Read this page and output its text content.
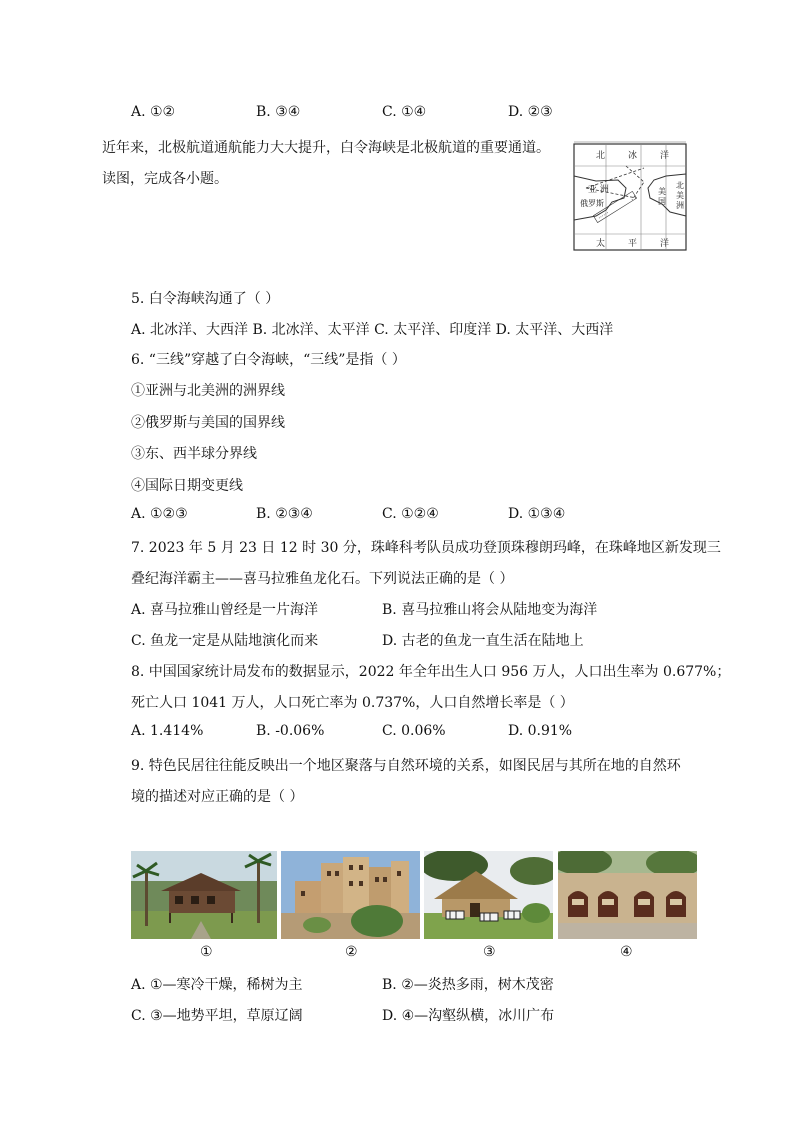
A. ①②	B. ③④	C. ①④	D. ②③
近年来，北极航道通航能力大大提升，白令海峡是北极航道的重要通道。
读图，完成各小题。
······
北	冰	洋
亚 洲
俄罗斯
北
美
洲
美
国
太	平	洋
5. 白令海峡沟通了（ ）
A. 北冰洋、大西洋 B. 北冰洋、太平洋 C. 太平洋、印度洋 D. 太平洋、大西洋
6. “三线”穿越了白令海峡，“三线”是指（ ）
①亚洲与北美洲的洲界线
②俄罗斯与美国的国界线
③东、西半球分界线
④国际日期变更线
A. ①②③	B. ②③④	C. ①②④	D. ①③④
7. 2023 年 5 月 23 日 12 时 30 分，珠峰科考队员成功登顶珠穆朗玛峰，在珠峰地区新发现三
叠纪海洋霸主——喜马拉雅鱼龙化石。下列说法正确的是（ ）
A. 喜马拉雅山曾经是一片海洋	B. 喜马拉雅山将会从陆地变为海洋
C. 鱼龙一定是从陆地演化而来	D. 古老的鱼龙一直生活在陆地上
8. 中国国家统计局发布的数据显示，2022 年全年出生人口 956 万人，人口出生率为 0.677%；
死亡人口 1041 万人，人口死亡率为 0.737%，人口自然增长率是（ ）
A. 1.414%	B. -0.06%	C. 0.06%	D. 0.91%
9. 特色民居往往能反映出一个地区聚落与自然环境的关系，如图民居与其所在地的自然环
境的描述对应正确的是（ ）
①	②	③	④
A. ①—寒冷干燥，稀树为主	B. ②—炎热多雨，树木茂密
C. ③—地势平坦，草原辽阔	D. ④—沟壑纵横，冰川广布
